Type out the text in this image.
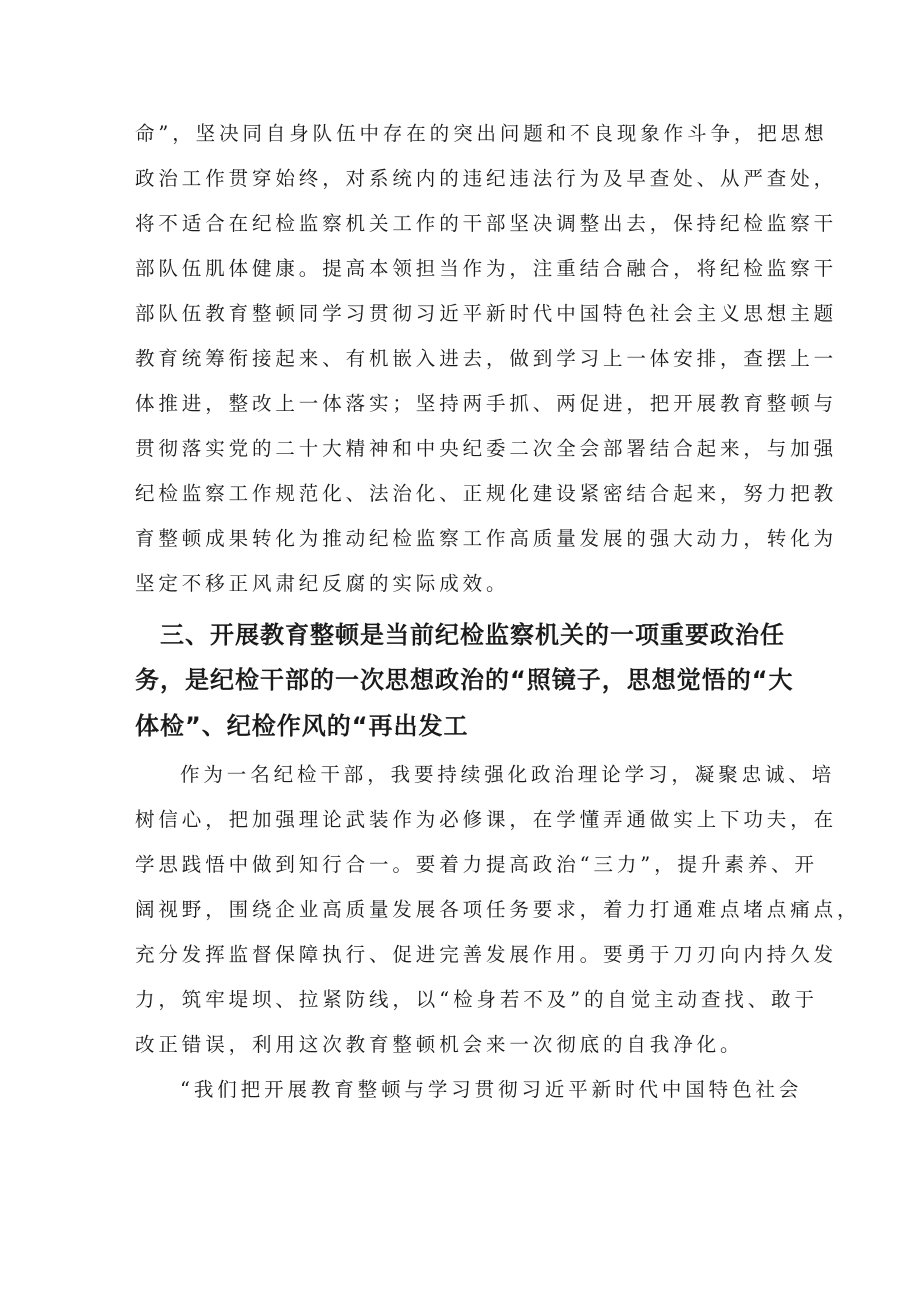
命”，坚决同自身队伍中存在的突出问题和不良现象作斗争，把思想
政治工作贯穿始终，对系统内的违纪违法行为及早查处、从严查处，
将不适合在纪检监察机关工作的干部坚决调整出去，保持纪检监察干
部队伍肌体健康。提高本领担当作为，注重结合融合，将纪检监察干
部队伍教育整顿同学习贯彻习近平新时代中国特色社会主义思想主题
教育统筹衔接起来、有机嵌入进去，做到学习上一体安排，查摆上一
体推进，整改上一体落实；坚持两手抓、两促进，把开展教育整顿与
贯彻落实党的二十大精神和中央纪委二次全会部署结合起来，与加强
纪检监察工作规范化、法治化、正规化建设紧密结合起来，努力把教
育整顿成果转化为推动纪检监察工作高质量发展的强大动力，转化为
坚定不移正风肃纪反腐的实际成效。
三、开展教育整顿是当前纪检监察机关的一项重要政治任
务，是纪检干部的一次思想政治的“照镜子，思想觉悟的“大
体检”、纪检作风的“再出发工
作为一名纪检干部，我要持续强化政治理论学习，凝聚忠诚、培
树信心，把加强理论武装作为必修课，在学懂弄通做实上下功夫，在
学思践悟中做到知行合一。要着力提高政治“三力”，提升素养、开
阔视野，围绕企业高质量发展各项任务要求，着力打通难点堵点痛点，
充分发挥监督保障执行、促进完善发展作用。要勇于刀刃向内持久发
力，筑牢堤坝、拉紧防线，以“检身若不及”的自觉主动查找、敢于
改正错误，利用这次教育整顿机会来一次彻底的自我净化。
“我们把开展教育整顿与学习贯彻习近平新时代中国特色社会
